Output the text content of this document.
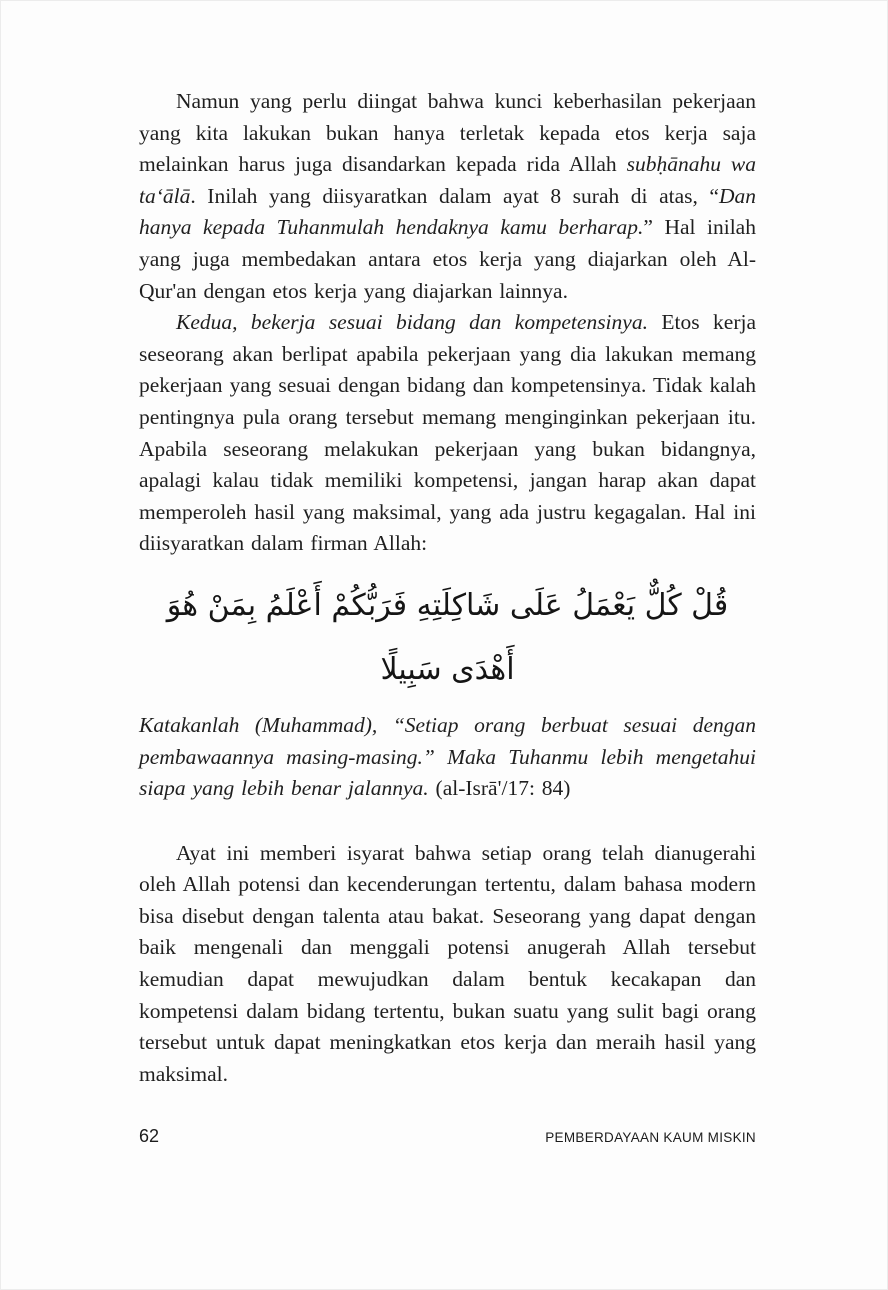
Namun yang perlu diingat bahwa kunci keberhasilan pekerjaan yang kita lakukan bukan hanya terletak kepada etos kerja saja melainkan harus juga disandarkan kepada rida Allah subḥānahu wa ta‘ālā. Inilah yang diisyaratkan dalam ayat 8 surah di atas, “Dan hanya kepada Tuhanmulah hendaknya kamu berharap.” Hal inilah yang juga membedakan antara etos kerja yang diajarkan oleh Al-Qur'an dengan etos kerja yang diajarkan lainnya.

Kedua, bekerja sesuai bidang dan kompetensinya. Etos kerja seseorang akan berlipat apabila pekerjaan yang dia lakukan memang pekerjaan yang sesuai dengan bidang dan kompetensinya. Tidak kalah pentingnya pula orang tersebut memang menginginkan pekerjaan itu. Apabila seseorang melakukan pekerjaan yang bukan bidangnya, apalagi kalau tidak memiliki kompetensi, jangan harap akan dapat memperoleh hasil yang maksimal, yang ada justru kegagalan. Hal ini diisyaratkan dalam firman Allah:

قُلْ كُلٌّ يَعْمَلُ عَلَى شَاكِلَتِهِ فَرَبُّكُمْ أَعْلَمُ بِمَنْ هُوَ أَهْدَى سَبِيلًا

Katakanlah (Muhammad), “Setiap orang berbuat sesuai dengan pembawaannya masing-masing.” Maka Tuhanmu lebih mengetahui siapa yang lebih benar jalannya. (al-Isrā'/17: 84)

Ayat ini memberi isyarat bahwa setiap orang telah dianugerahi oleh Allah potensi dan kecenderungan tertentu, dalam bahasa modern bisa disebut dengan talenta atau bakat. Seseorang yang dapat dengan baik mengenali dan menggali potensi anugerah Allah tersebut kemudian dapat mewujudkan dalam bentuk kecakapan dan kompetensi dalam bidang tertentu, bukan suatu yang sulit bagi orang tersebut untuk dapat meningkatkan etos kerja dan meraih hasil yang maksimal.

62	PEMBERDAYAAN KAUM MISKIN
